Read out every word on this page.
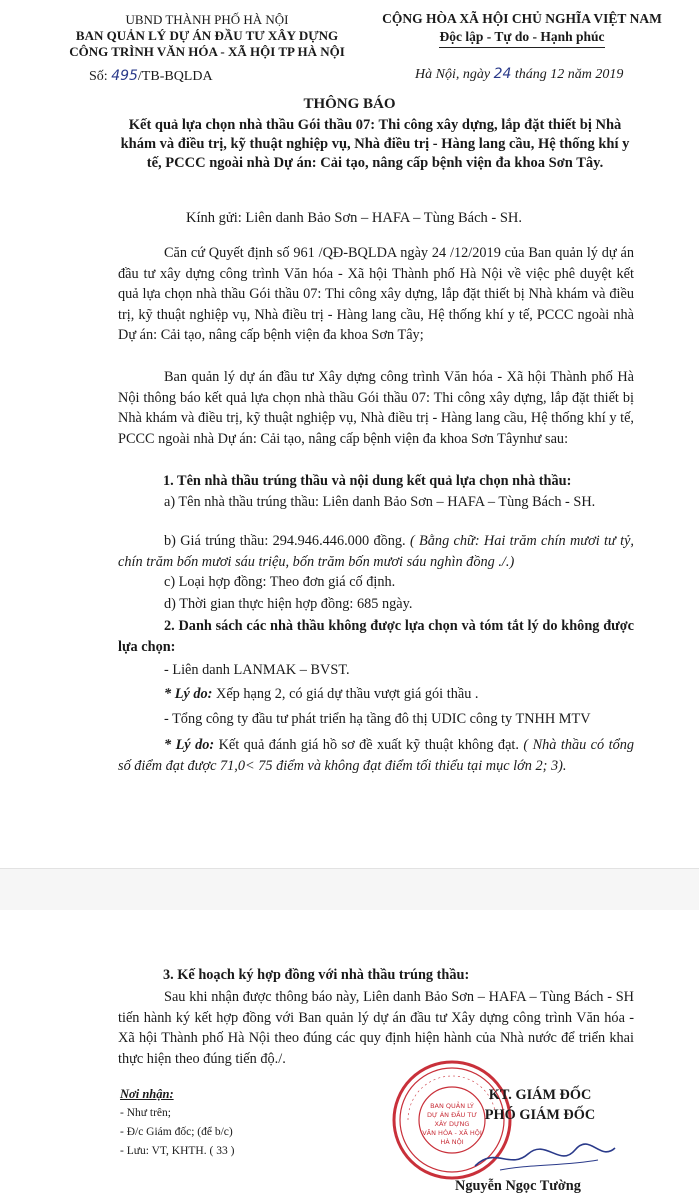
UBND THÀNH PHỐ HÀ NỘI
BAN QUẢN LÝ DỰ ÁN ĐẦU TƯ XÂY DỰNG
CÔNG TRÌNH VĂN HÓA - XÃ HỘI TP HÀ NỘI
CỘNG HÒA XÃ HỘI CHỦ NGHĨA VIỆT NAM
Độc lập - Tự do - Hạnh phúc
Số: 495/TB-BQLDA	Hà Nội, ngày 24 tháng 12 năm 2019
THÔNG BÁO
Kết quả lựa chọn nhà thầu Gói thầu 07: Thi công xây dựng, lắp đặt thiết bị Nhà khám và điều trị, kỹ thuật nghiệp vụ, Nhà điều trị - Hàng lang cầu, Hệ thống khí y tế, PCCC ngoài nhà Dự án: Cải tạo, nâng cấp bệnh viện đa khoa Sơn Tây.
Kính gửi: Liên danh Bảo Sơn – HAFA – Tùng Bách - SH.
Căn cứ Quyết định số 961 /QĐ-BQLDA ngày 24 /12/2019 của Ban quản lý dự án đầu tư xây dựng công trình Văn hóa - Xã hội Thành phố Hà Nội về việc phê duyệt kết quả lựa chọn nhà thầu Gói thầu 07: Thi công xây dựng, lắp đặt thiết bị Nhà khám và điều trị, kỹ thuật nghiệp vụ, Nhà điều trị - Hàng lang cầu, Hệ thống khí y tế, PCCC ngoài nhà Dự án: Cải tạo, nâng cấp bệnh viện đa khoa Sơn Tây;
Ban quản lý dự án đầu tư Xây dựng công trình Văn hóa - Xã hội Thành phố Hà Nội thông báo kết quả lựa chọn nhà thầu Gói thầu 07: Thi công xây dựng, lắp đặt thiết bị Nhà khám và điều trị, kỹ thuật nghiệp vụ, Nhà điều trị - Hàng lang cầu, Hệ thống khí y tế, PCCC ngoài nhà Dự án: Cải tạo, nâng cấp bệnh viện đa khoa Sơn Tâynhư sau:
1. Tên nhà thầu trúng thầu và nội dung kết quả lựa chọn nhà thầu:
a) Tên nhà thầu trúng thầu: Liên danh Bảo Sơn – HAFA – Tùng Bách - SH.
b) Giá trúng thầu: 294.946.446.000 đồng. ( Bằng chữ: Hai trăm chín mươi tư tỷ, chín trăm bốn mươi sáu triệu, bốn trăm bốn mươi sáu nghìn đồng ./.)
c) Loại hợp đồng: Theo đơn giá cố định.
d) Thời gian thực hiện hợp đồng: 685 ngày.
2. Danh sách các nhà thầu không được lựa chọn và tóm tắt lý do không được lựa chọn:
- Liên danh LANMAK – BVST.
* Lý do: Xếp hạng 2, có giá dự thầu vượt giá gói thầu .
- Tổng công ty đầu tư phát triển hạ tầng đô thị UDIC công ty TNHH MTV
* Lý do: Kết quả đánh giá hồ sơ đề xuất kỹ thuật không đạt. ( Nhà thầu có tổng số điểm đạt được 71,0< 75 điểm và không đạt điểm tối thiểu tại mục lớn 2; 3).
3. Kế hoạch ký hợp đồng với nhà thầu trúng thầu:
Sau khi nhận được thông báo này, Liên danh Bảo Sơn – HAFA – Tùng Bách - SH tiến hành ký kết hợp đồng với Ban quản lý dự án đầu tư Xây dựng công trình Văn hóa - Xã hội Thành phố Hà Nội theo đúng các quy định hiện hành của Nhà nước để triển khai thực hiện theo đúng tiến độ./.
Nơi nhận:
- Như trên;
- Đ/c Giám đốc; (để b/c)
- Lưu: VT, KHTH. ( 33 )
BAN QUẢN LÝ
DỰ ÁN ĐẦU TƯ
XÂY DỰNG
VĂN HÓA - XÃ HỘI
HÀ NỘI
KT. GIÁM ĐỐC
PHÓ GIÁM ĐỐC
Nguyễn Ngọc Tường
